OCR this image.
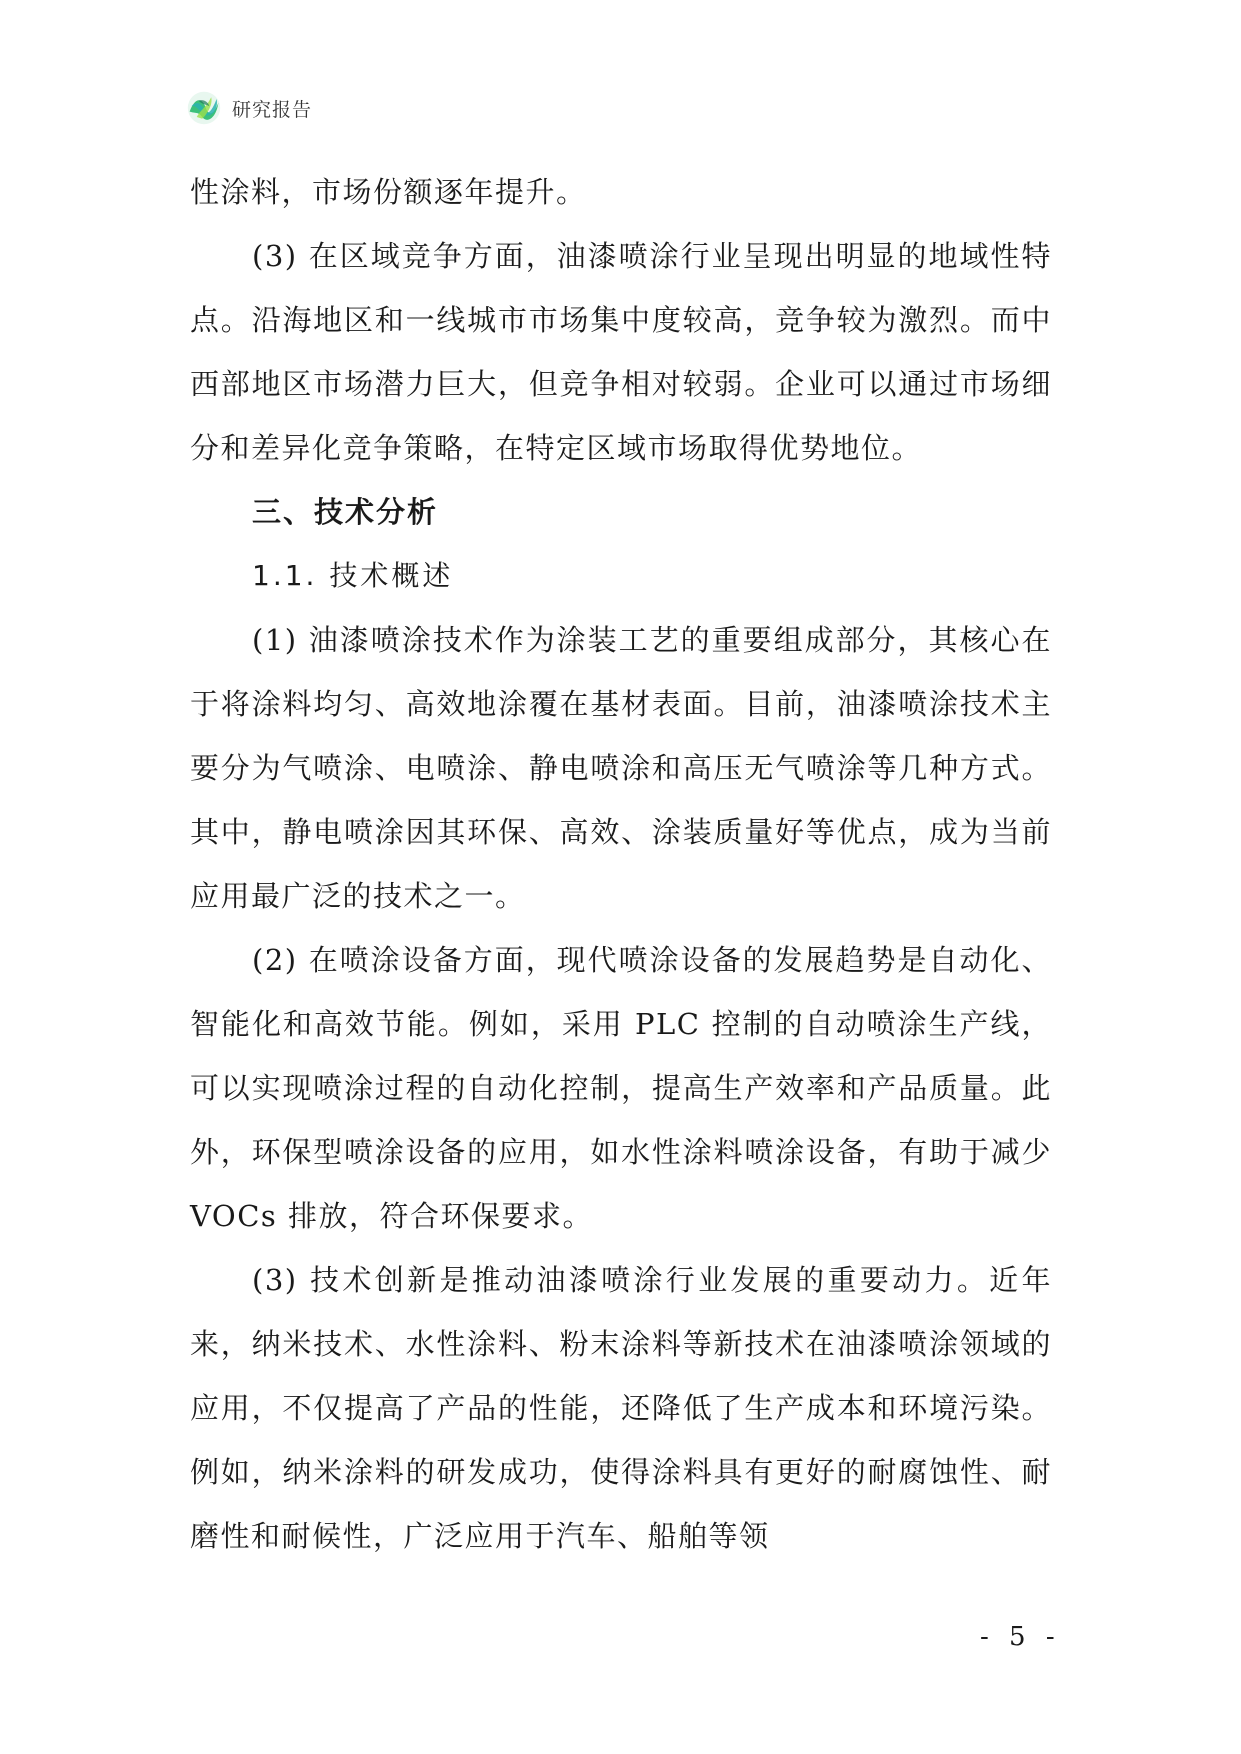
研究报告

性涂料，市场份额逐年提升。

(3) 在区域竞争方面，油漆喷涂行业呈现出明显的地域性特点。沿海地区和一线城市市场集中度较高，竞争较为激烈。而中西部地区市场潜力巨大，但竞争相对较弱。企业可以通过市场细分和差异化竞争策略，在特定区域市场取得优势地位。

三、技术分析

1.1. 技术概述

(1) 油漆喷涂技术作为涂装工艺的重要组成部分，其核心在于将涂料均匀、高效地涂覆在基材表面。目前，油漆喷涂技术主要分为气喷涂、电喷涂、静电喷涂和高压无气喷涂等几种方式。其中，静电喷涂因其环保、高效、涂装质量好等优点，成为当前应用最广泛的技术之一。

(2) 在喷涂设备方面，现代喷涂设备的发展趋势是自动化、智能化和高效节能。例如，采用 PLC 控制的自动喷涂生产线，可以实现喷涂过程的自动化控制，提高生产效率和产品质量。此外，环保型喷涂设备的应用，如水性涂料喷涂设备，有助于减少 VOCs 排放，符合环保要求。

(3) 技术创新是推动油漆喷涂行业发展的重要动力。近年来，纳米技术、水性涂料、粉末涂料等新技术在油漆喷涂领域的应用，不仅提高了产品的性能，还降低了生产成本和环境污染。例如，纳米涂料的研发成功，使得涂料具有更好的耐腐蚀性、耐磨性和耐候性，广泛应用于汽车、船舶等领

- 5 -
